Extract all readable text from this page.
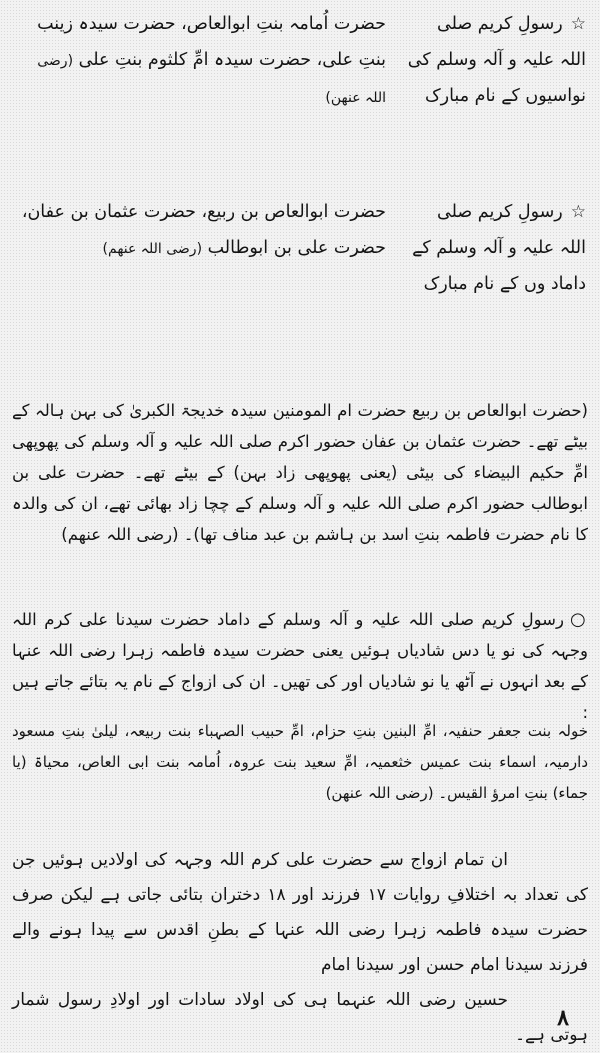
☆رسولِ کریم صلی اللہ علیہ و آلہ وسلم کی نواسیوں کے نام مبارک
حضرت اُمامہ بنتِ ابوالعاص، حضرت سیدہ زینب بنتِ علی، حضرت سیدہ امِّ کلثوم بنتِ علی (رضی اللہ عنھن)
☆رسولِ کریم صلی اللہ علیہ و آلہ وسلم کے داماد وں کے نام مبارک
حضرت ابوالعاص بن ربیع، حضرت عثمان بن عفان، حضرت علی بن ابوطالب (رضی اللہ عنھم)

(حضرت ابوالعاص بن ربیع حضرت ام المومنین سیدہ خدیجۃ الکبریٰ کی بہن ہالہ کے بیٹے تھے۔ حضرت عثمان بن عفان حضور اکرم صلی اللہ علیہ و آلہ وسلم کی پھوپھی امِّ حکیم البیضاء کی بیٹی (یعنی پھوپھی زاد بہن) کے بیٹے تھے۔ حضرت علی بن ابوطالب حضور اکرم صلی اللہ علیہ و آلہ وسلم کے چچا زاد بھائی تھے، ان کی والدہ کا نام حضرت فاطمہ بنتِ اسد بن ہاشم بن عبد مناف تھا)۔ (رضی اللہ عنھم)

○رسولِ کریم صلی اللہ علیہ و آلہ وسلم کے داماد حضرت سیدنا علی کرم اللہ وجہہ کی نو یا دس شادیاں ہوئیں یعنی حضرت سیدہ فاطمہ زہرا رضی اللہ عنہا کے بعد انہوں نے آٹھ یا نو شادیاں اور کی تھیں۔ ان کی ازواج کے نام یہ بتائے جاتے ہیں :

خولہ بنت جعفر حنفیہ، امِّ البنین بنتِ حزام، امِّ حبیب الصہباء بنت ربیعہ، لیلیٰ بنتِ مسعود دارمیہ، اسماء بنت عمیس خثعمیہ، امِّ سعید بنت عروہ، اُمامہ بنت ابی العاص، محیاۃ (یا جماء) بنتِ امرؤ القیس۔ (رضی اللہ عنھن)

ان تمام ازواج سے حضرت علی کرم اللہ وجہہ کی اولادیں ہوئیں جن کی تعداد بہ اختلافِ روایات ١٧ فرزند اور ١٨ دختران بتائی جاتی ہے لیکن صرف حضرت سیدہ فاطمہ زہرا رضی اللہ عنہا کے بطنِ اقدس سے پیدا ہونے والے فرزند سیدنا امام حسن اور سیدنا امام
حسین رضی اللہ عنہما ہی کی اولاد سادات اور اولادِ رسول شمار ہوتی ہے۔

٨
